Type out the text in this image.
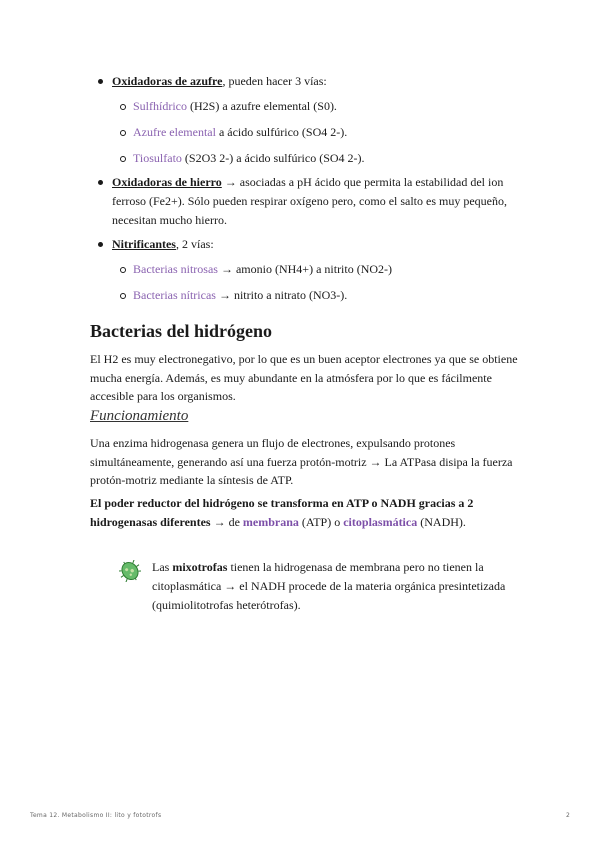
Oxidadoras de azufre, pueden hacer 3 vías:
Sulfhídrico (H2S) a azufre elemental (S0).
Azufre elemental a ácido sulfúrico (SO4 2-).
Tiosulfato (S2O3 2-) a ácido sulfúrico (SO4 2-).
Oxidadoras de hierro → asociadas a pH ácido que permita la estabilidad del ion ferroso (Fe2+). Sólo pueden respirar oxígeno pero, como el salto es muy pequeño, necesitan mucho hierro.
Nitrificantes, 2 vías:
Bacterias nitrosas → amonio (NH4+) a nitrito (NO2-)
Bacterias nítricas → nitrito a nitrato (NO3-).
Bacterias del hidrógeno
El H2 es muy electronegativo, por lo que es un buen aceptor electrones ya que se obtiene mucha energía. Además, es muy abundante en la atmósfera por lo que es fácilmente accesible para los organismos.
Funcionamiento
Una enzima hidrogenasa genera un flujo de electrones, expulsando protones simultáneamente, generando así una fuerza protón-motriz → La ATPasa disipa la fuerza protón-motriz mediante la síntesis de ATP.
El poder reductor del hidrógeno se transforma en ATP o NADH gracias a 2 hidrogenasas diferentes → de membrana (ATP) o citoplasmática (NADH).
Las mixotrofas tienen la hidrogenasa de membrana pero no tienen la citoplasmática → el NADH procede de la materia orgánica presintetizada (quimiolitotrofas heterótrofas).
Tema 12. Metabolismo II: lito y fototrofs	2
